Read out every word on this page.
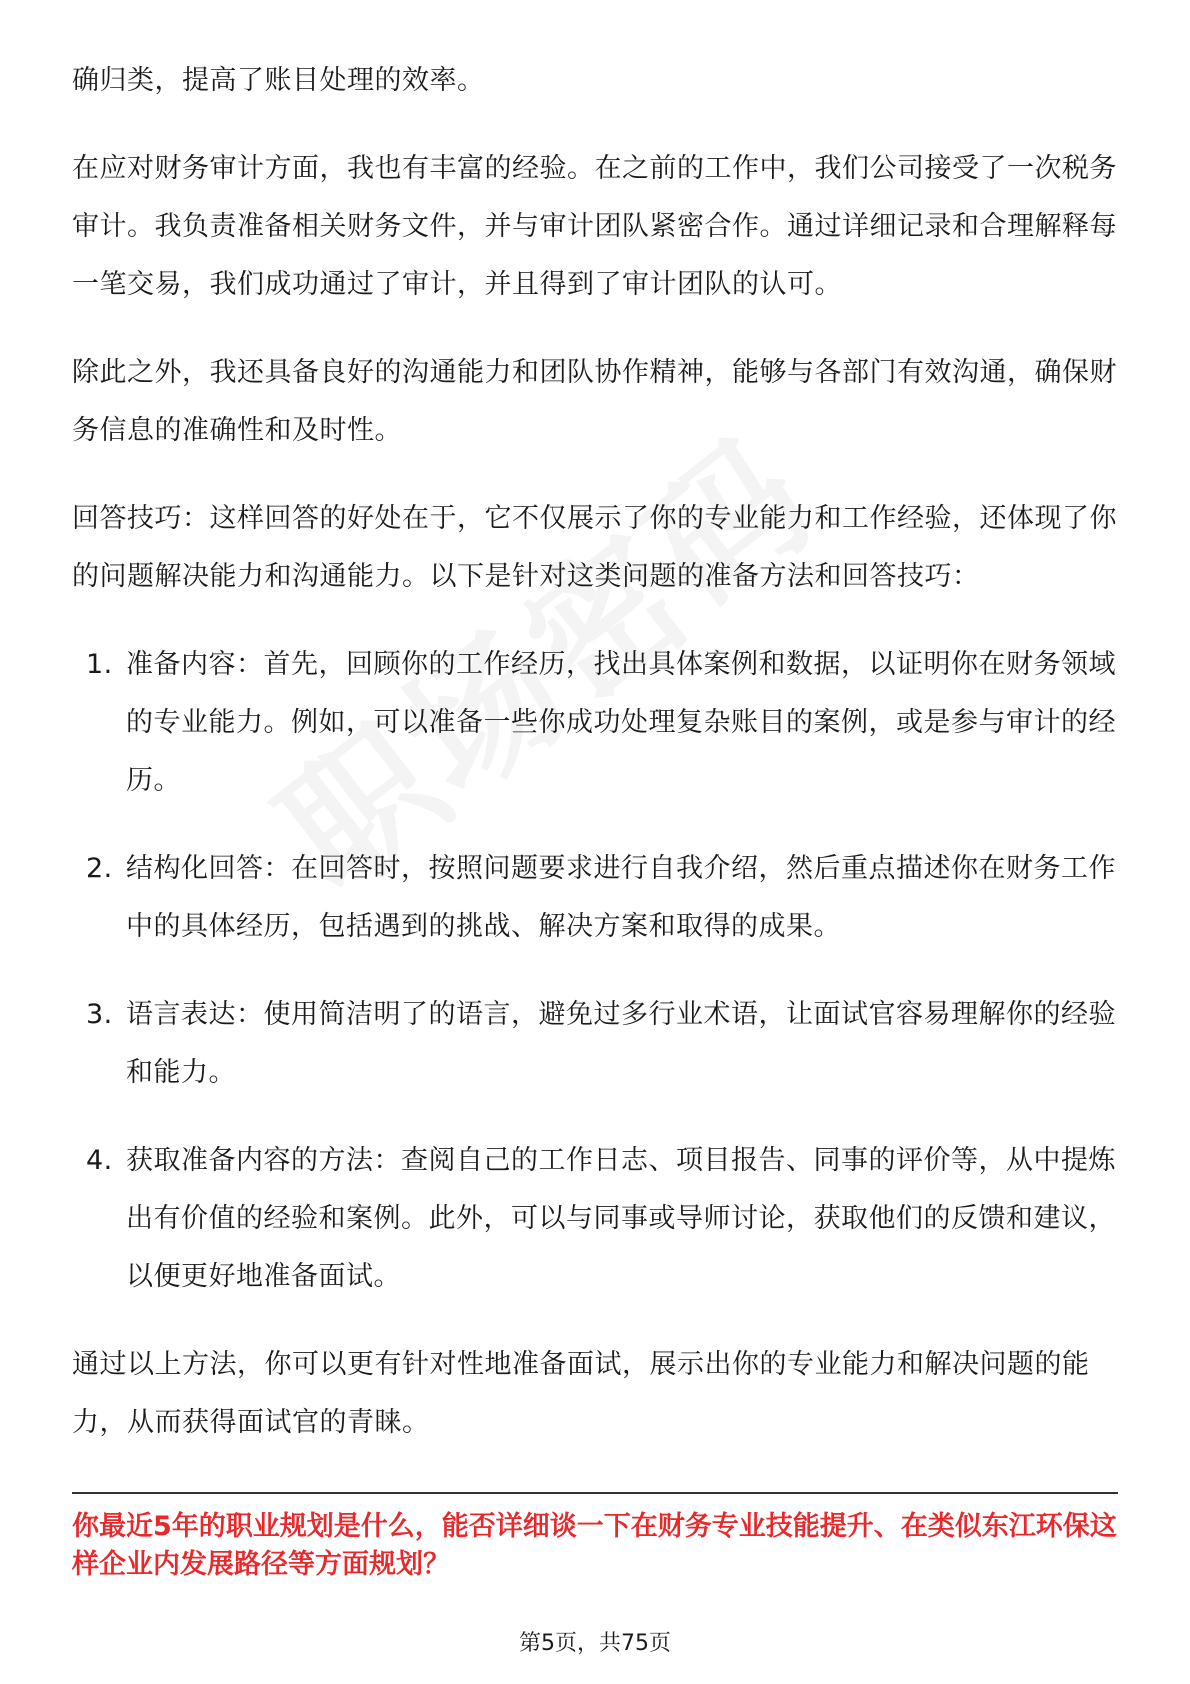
确归类，提高了账目处理的效率。

在应对财务审计方面，我也有丰富的经验。在之前的工作中，我们公司接受了一次税务审计。我负责准备相关财务文件，并与审计团队紧密合作。通过详细记录和合理解释每一笔交易，我们成功通过了审计，并且得到了审计团队的认可。

除此之外，我还具备良好的沟通能力和团队协作精神，能够与各部门有效沟通，确保财务信息的准确性和及时性。

回答技巧：这样回答的好处在于，它不仅展示了你的专业能力和工作经验，还体现了你的问题解决能力和沟通能力。以下是针对这类问题的准备方法和回答技巧：

1. 准备内容：首先，回顾你的工作经历，找出具体案例和数据，以证明你在财务领域的专业能力。例如，可以准备一些你成功处理复杂账目的案例，或是参与审计的经历。
2. 结构化回答：在回答时，按照问题要求进行自我介绍，然后重点描述你在财务工作中的具体经历，包括遇到的挑战、解决方案和取得的成果。
3. 语言表达：使用简洁明了的语言，避免过多行业术语，让面试官容易理解你的经验和能力。
4. 获取准备内容的方法：查阅自己的工作日志、项目报告、同事的评价等，从中提炼出有价值的经验和案例。此外，可以与同事或导师讨论，获取他们的反馈和建议，以便更好地准备面试。

通过以上方法，你可以更有针对性地准备面试，展示出你的专业能力和解决问题的能力，从而获得面试官的青睐。

你最近5年的职业规划是什么，能否详细谈一下在财务专业技能提升、在类似东江环保这样企业内发展路径等方面规划？

第5页，共75页
